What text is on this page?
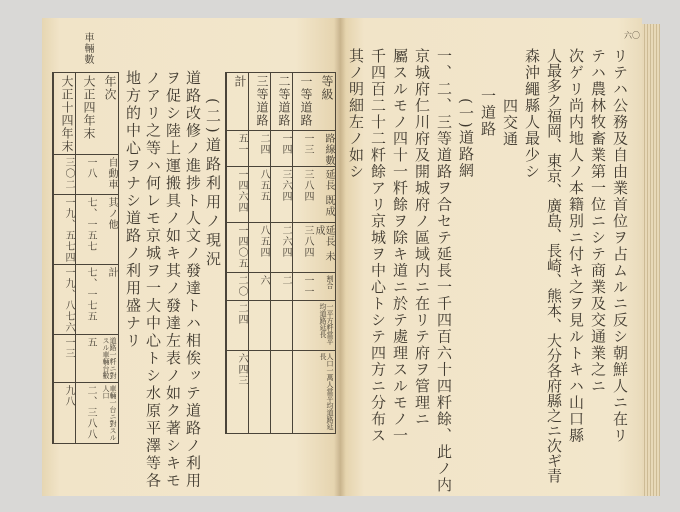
(二)道路利用ノ現況
道路改修ノ進捗ト人文ノ發達トハ相俟ッテ道路ノ利用
ヲ促シ陸上運搬具ノ如キ其ノ發達左表ノ如ク著シキモ
ノアリ之等ハ何レモ京城ヲ一大中心トシ水原平澤等各
地方的中心ヲナシ道路ノ利用盛ナリ	等級
路線數
延長 既成
延長 未成
割合
一平方粁當平均道路延長
人口一萬人當平均道路延長
一等道路
一三
三八四
三八四
一一
二等道路
一四
三六四
二六四
二
三等道路
二四
八五五
八五四
六
計
五一
一四六四
一四〇五
二〇
二四
六四三
年次
自動車
其ノ他
計
道路一粁ニ對スル車輛台數
車輛一台ニ對スル人口
大正四年末
一八
七、一五七
七、一七五
五
二、三八八
大正十四年末
三〇二
一九、五七四
一九、八七六
一三
九八
車輛數	六〇
リテハ公務及自由業首位ヲ占ムルニ反シ朝鮮人ニ在リ
テハ農林牧畜業第一位ニシテ商業及交通業之ニ
次ゲリ尚内地人ノ本籍別ニ付キ之ヲ見ルトキハ山口縣
人最多ク福岡、東京、廣島、長崎、熊本、大分各府縣之ニ次ギ青
森沖繩縣人最少シ
四交通
一道路
(一)道路網
一、二、三等道路ヲ合セテ延長一千四百六十四粁餘、此ノ内
京城府仁川府及開城府ノ區域内ニ在リテ府ヲ管理ニ
屬スルモノ四十一粁餘ヲ除キ道ニ於テ處理スルモノ一
千四百二十二粁餘アリ京城ヲ中心トシテ四方ニ分布ス
其ノ明細左ノ如シ
